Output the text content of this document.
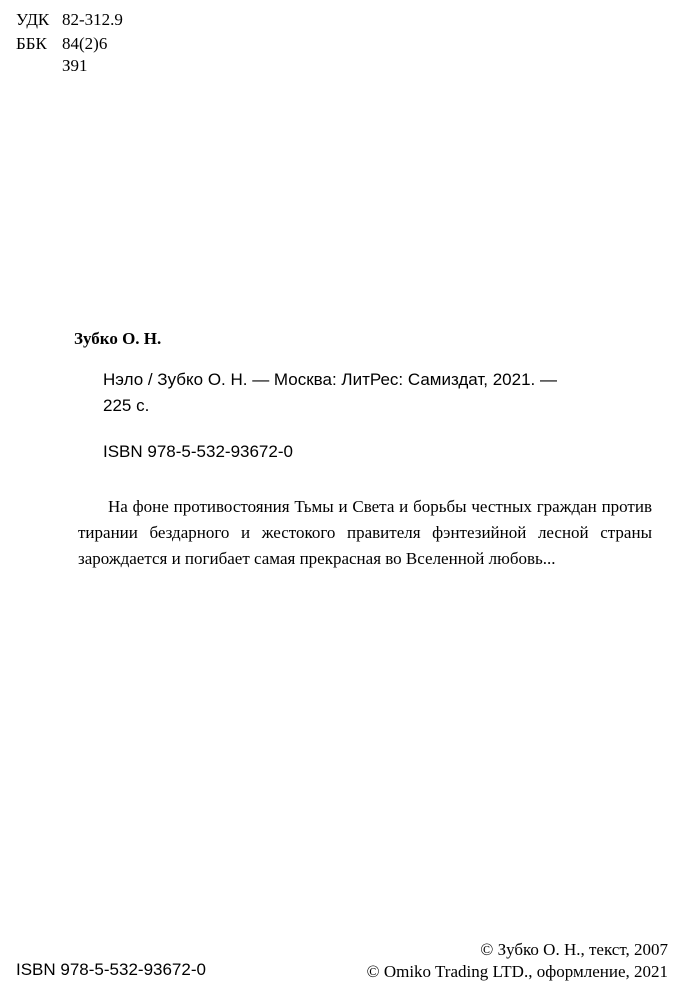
УДК 82-312.9
ББК 84(2)6
З91
Зубко О. Н.
Нэло / Зубко О. Н. — Москва: ЛитРес: Самиздат, 2021. —
225 с.
ISBN 978-5-532-93672-0
На фоне противостояния Тьмы и Света и борьбы честных граждан против тирании бездарного и жестокого правителя фэнтезийной лесной страны зарождается и погибает самая прекрасная во Вселенной любовь...
© Зубко О. Н., текст, 2007
ISBN 978-5-532-93672-0	© Omiko Trading LTD., оформление, 2021
